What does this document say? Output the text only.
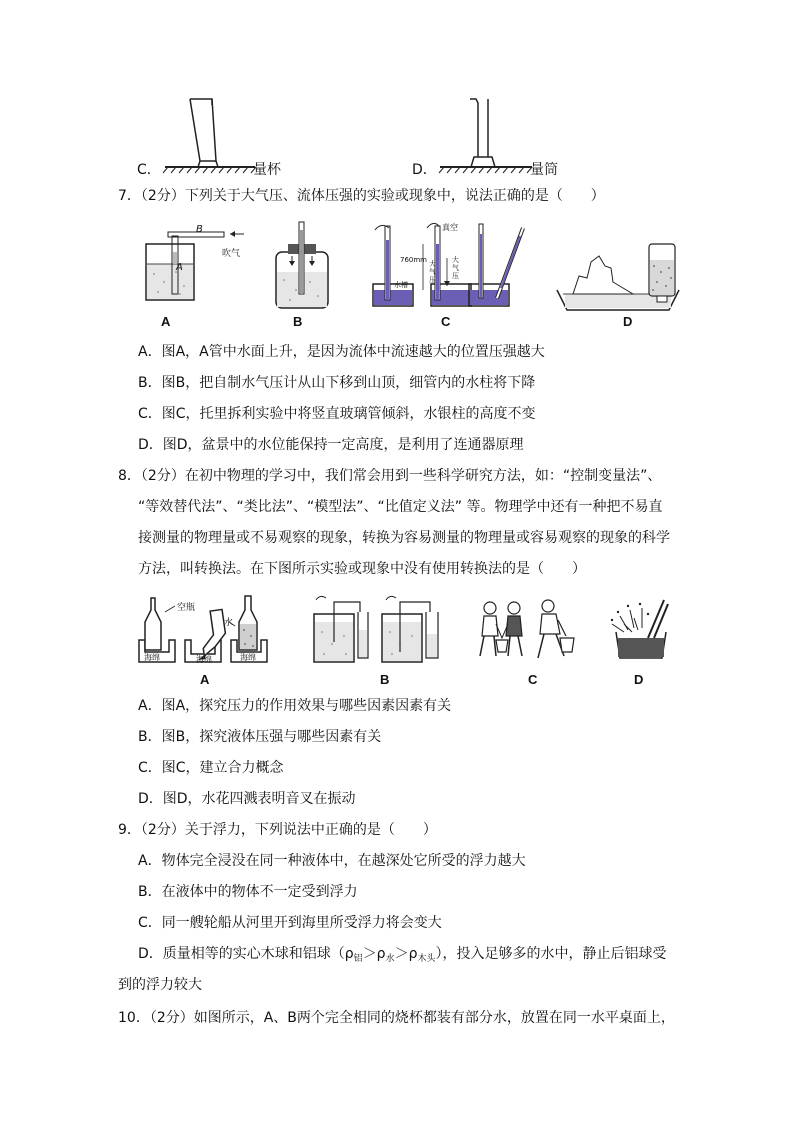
C．	量杯	D．	量筒
7．（2分）下列关于大气压、流体压强的实验或现象中，说法正确的是（　　）
B
A
吹气
A	B
真空
760mm 大气压
大气压
水槽
C	D
A．图A，A管中水面上升，是因为流体中流速越大的位置压强越大
B．图B，把自制水气压计从山下移到山顶，细管内的水柱将下降
C．图C，托里拆利实验中将竖直玻璃管倾斜，水银柱的高度不变
D．图D，盆景中的水位能保持一定高度，是利用了连通器原理
8．（2分）在初中物理的学习中，我们常会用到一些科学研究方法，如：“控制变量法”、
“等效替代法”、“类比法”、“模型法”、“比值定义法” 等。物理学中还有一种把不易直
接测量的物理量或不易观察的现象，转换为容易测量的物理量或容易观察的现象的科学
方法，叫转换法。在下图所示实验或现象中没有使用转换法的是（　　）
空瓶
水
海绵	海绵	海绵
A	B	C	D
A．图A，探究压力的作用效果与哪些因素因素有关
B．图B，探究液体压强与哪些因素有关
C．图C，建立合力概念
D．图D，水花四溅表明音叉在振动
9．（2分）关于浮力，下列说法中正确的是（　　）
A．物体完全浸没在同一种液体中，在越深处它所受的浮力越大
B．在液体中的物体不一定受到浮力
C．同一艘轮船从河里开到海里所受浮力将会变大
D．质量相等的实心木球和铝球$(\rho_铝>\rho_水>\rho_{木头})$，投入足够多的水中，静止后铝球受
到的浮力较大
10．（2分）如图所示，A、B两个完全相同的烧杯都装有部分水，放置在同一水平桌面上，
